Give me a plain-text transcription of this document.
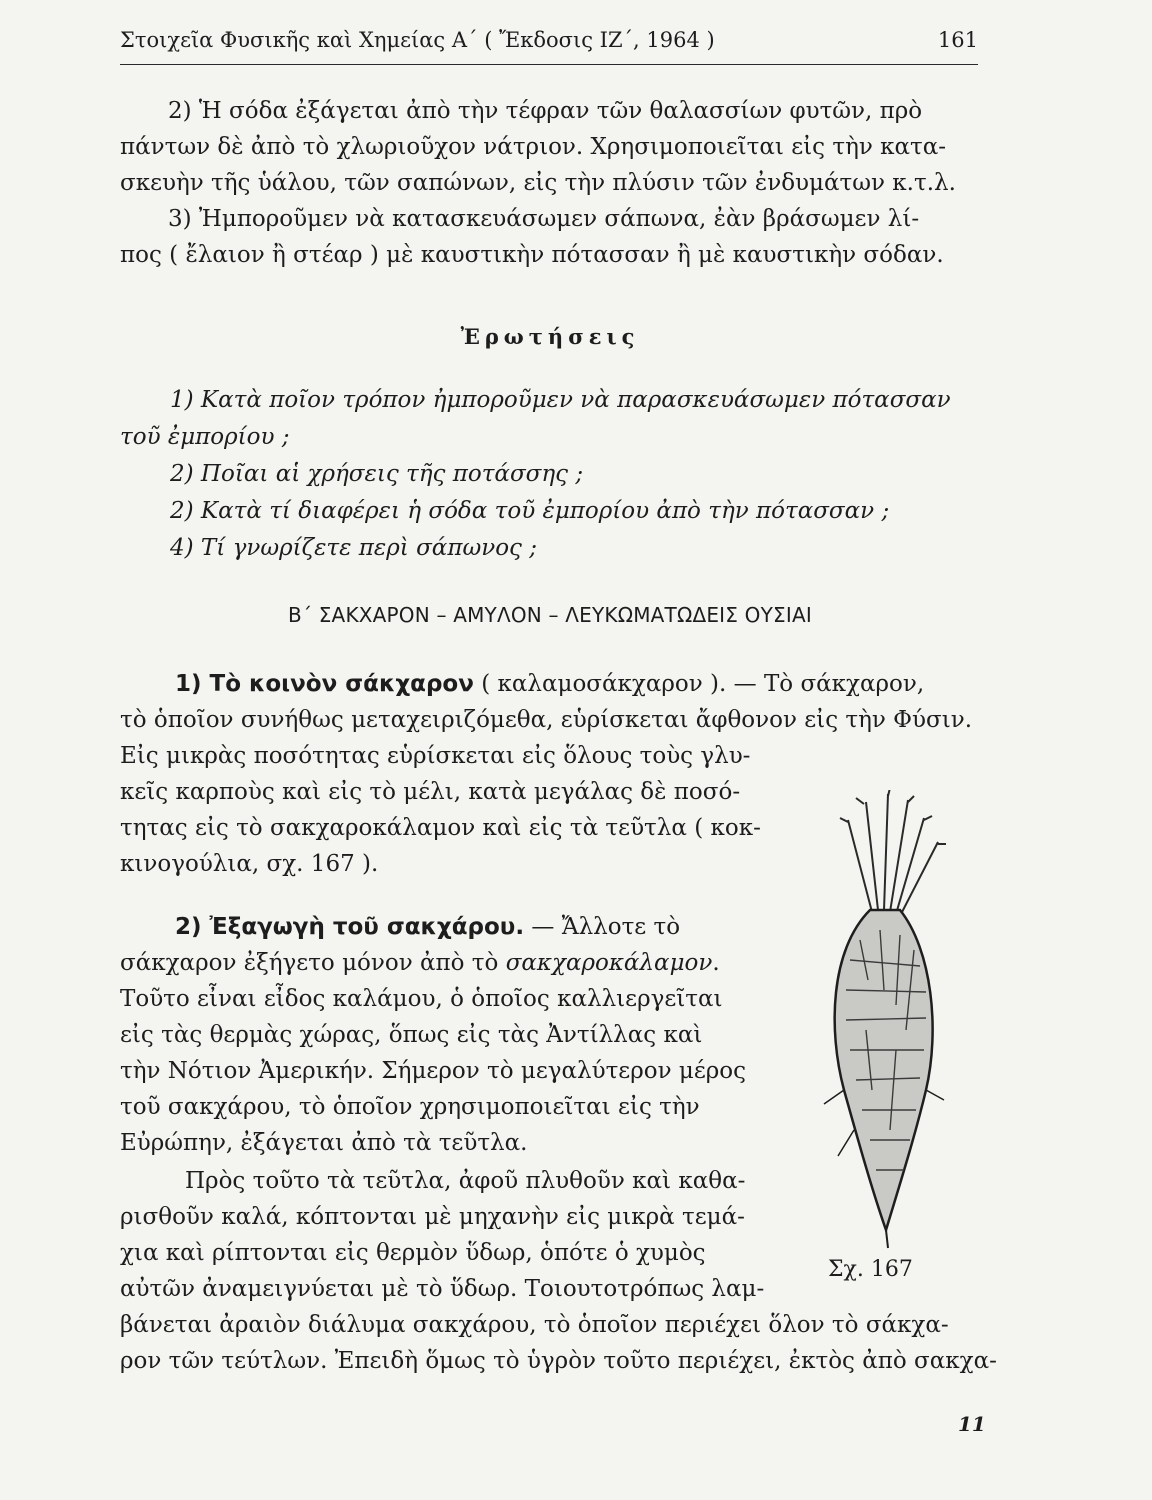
Στοιχεῖα Φυσικῆς καὶ Χημείας Α΄ ( Ἔκδοσις ΙΖ΄, 1964 )	161
2) Ἡ σόδα ἐξάγεται ἀπὸ τὴν τέφραν τῶν θαλασσίων φυτῶν, πρὸ
πάντων δὲ ἀπὸ τὸ χλωριοῦχον νάτριον. Χρησιμοποιεῖται εἰς τὴν κατα-
σκευὴν τῆς ὑάλου, τῶν σαπώνων, εἰς τὴν πλύσιν τῶν ἐνδυμάτων κ.τ.λ.
3) Ἠμποροῦμεν νὰ κατασκευάσωμεν σάπωνα, ἐὰν βράσωμεν λί-
πος ( ἔλαιον ἢ στέαρ ) μὲ καυστικὴν πότασσαν ἢ μὲ καυστικὴν σόδαν.
Ἐρωτήσεις
1) Κατὰ ποῖον τρόπον ἠμποροῦμεν νὰ παρασκευάσωμεν πότασσαν
τοῦ ἐμπορίου ;
2) Ποῖαι αἱ χρήσεις τῆς ποτάσσης ;
2) Κατὰ τί διαφέρει ἡ σόδα τοῦ ἐμπορίου ἀπὸ τὴν πότασσαν ;
4) Τί γνωρίζετε περὶ σάπωνος ;
Β΄ ΣΑΚΧΑΡΟΝ – ΑΜΥΛΟΝ – ΛΕΥΚΩΜΑΤΩΔΕΙΣ ΟΥΣΙΑΙ
1) Τὸ κοινὸν σάκχαρον ( καλαμοσάκχαρον ). — Τὸ σάκχαρον,
τὸ ὁποῖον συνήθως μεταχειριζόμεθα, εὑρίσκεται ἄφθονον εἰς τὴν Φύσιν.
Εἰς μικρὰς ποσότητας εὑρίσκεται εἰς ὅλους τοὺς γλυ-
κεῖς καρποὺς καὶ εἰς τὸ μέλι, κατὰ μεγάλας δὲ ποσό-
τητας εἰς τὸ σακχαροκάλαμον καὶ εἰς τὰ τεῦτλα ( κοκ-
κινογούλια, σχ. 167 ).
2) Ἐξαγωγὴ τοῦ σακχάρου. — Ἄλλοτε τὸ
σάκχαρον ἐξήγετο μόνον ἀπὸ τὸ σακχαροκάλαμον.
Τοῦτο εἶναι εἶδος καλάμου, ὁ ὁποῖος καλλιεργεῖται
εἰς τὰς θερμὰς χώρας, ὅπως εἰς τὰς Ἀντίλλας καὶ
τὴν Νότιον Ἀμερικήν. Σήμερον τὸ μεγαλύτερον μέρος
τοῦ σακχάρου, τὸ ὁποῖον χρησιμοποιεῖται εἰς τὴν
Εὐρώπην, ἐξάγεται ἀπὸ τὰ τεῦτλα.
Πρὸς τοῦτο τὰ τεῦτλα, ἀφοῦ πλυθοῦν καὶ καθα-
ρισθοῦν καλά, κόπτονται μὲ μηχανὴν εἰς μικρὰ τεμά-
χια καὶ ρίπτονται εἰς θερμὸν ὕδωρ, ὁπότε ὁ χυμὸς
αὐτῶν ἀναμειγνύεται μὲ τὸ ὕδωρ. Τοιουτοτρόπως λαμ-
βάνεται ἀραιὸν διάλυμα σακχάρου, τὸ ὁποῖον περιέχει ὅλον τὸ σάκχα-
ρον τῶν τεύτλων. Ἐπειδὴ ὅμως τὸ ὑγρὸν τοῦτο περιέχει, ἐκτὸς ἀπὸ σακχα-
Σχ. 167
11
